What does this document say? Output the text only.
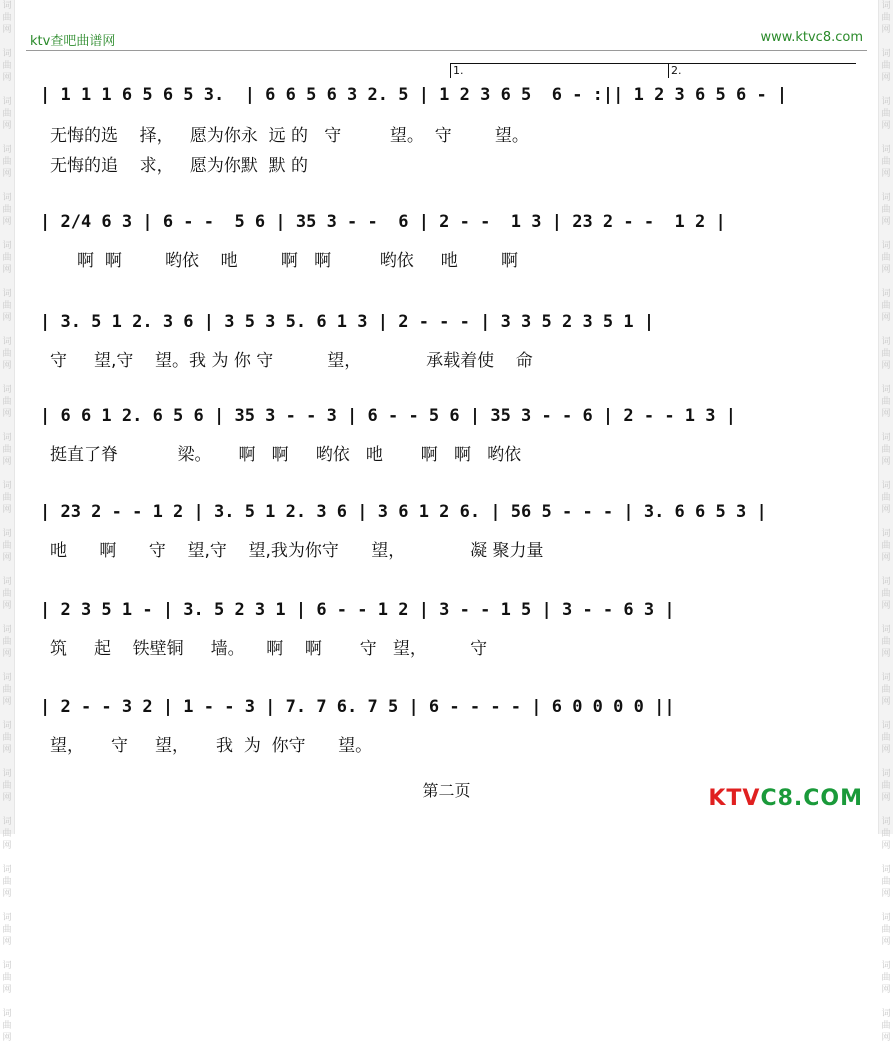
词
曲
网

词
曲
网

词
曲
网

词
曲
网

词
曲
网

词
曲
网

词
曲
网

词
曲
网

词
曲
网

词
曲
网

词
曲
网

词
曲
网

词
曲
网

词
曲
网

词
曲
网

词
曲
网

词
曲
网

词
曲
网

词
曲
网

词
曲
网

词
曲
网

词
曲
网

词
曲
网

词
曲
网

词
曲
网

词
曲
网

词
曲
网

词
曲
网

词
曲
网

词
曲
网

词
曲
网

词
曲
网

词
曲
网

词
曲
网

词
曲
网

词
曲
网

词
曲
网

词
曲
网

词
曲
网

词
曲
网

词
曲
网

词
曲
网

词
曲
网

词
曲
网

ktv查吧曲谱网	www.ktvc8.com
1.	2.
| 1 1 1 6 5 6 5 3.  | 6 6 5 6 3 2. 5 | 1 2 3 6 5  6 - :|| 1 2 3 6 5 6 - |
无悔的选    择，   愿为你永  远 的   守         望。  守        望。
无悔的追    求，   愿为你默  默 的
| 2/4 6 3 | 6 - -  5 6 | 35 3 - -  6 | 2 - -  1 3 | 23 2 - -  1 2 |
啊  啊        哟依    吔        啊   啊         哟依     吔        啊
| 3. 5 1 2. 3 6 | 3 5 3 5. 6 1 3 | 2 - - - | 3 3 5 2 3 5 1 |
守     望,守    望。我 为 你 守          望，            承载着使    命
| 6 6 1 2. 6 5 6 | 35 3 - - 3 | 6 - - 5 6 | 35 3 - - 6 | 2 - - 1 3 |
挺直了脊           梁。     啊   啊     哟依   吔       啊   啊   哟依
| 23 2 - - 1 2 | 3. 5 1 2. 3 6 | 3 6 1 2 6. | 56 5 - - - | 3. 6 6 5 3 |
吔      啊      守    望,守    望,我为你守      望，            凝 聚力量
| 2 3 5 1 - | 3. 5 2 3 1 | 6 - - 1 2 | 3 - - 1 5 | 3 - - 6 3 |
筑     起    铁壁铜     墙。    啊    啊       守   望，        守
| 2 - - 3 2 | 1 - - 3 | 7. 7 6. 7 5 | 6 - - - - | 6 0 0 0 0 ||
望，     守     望，     我  为  你守      望。
第二页	KTVC8.COM
